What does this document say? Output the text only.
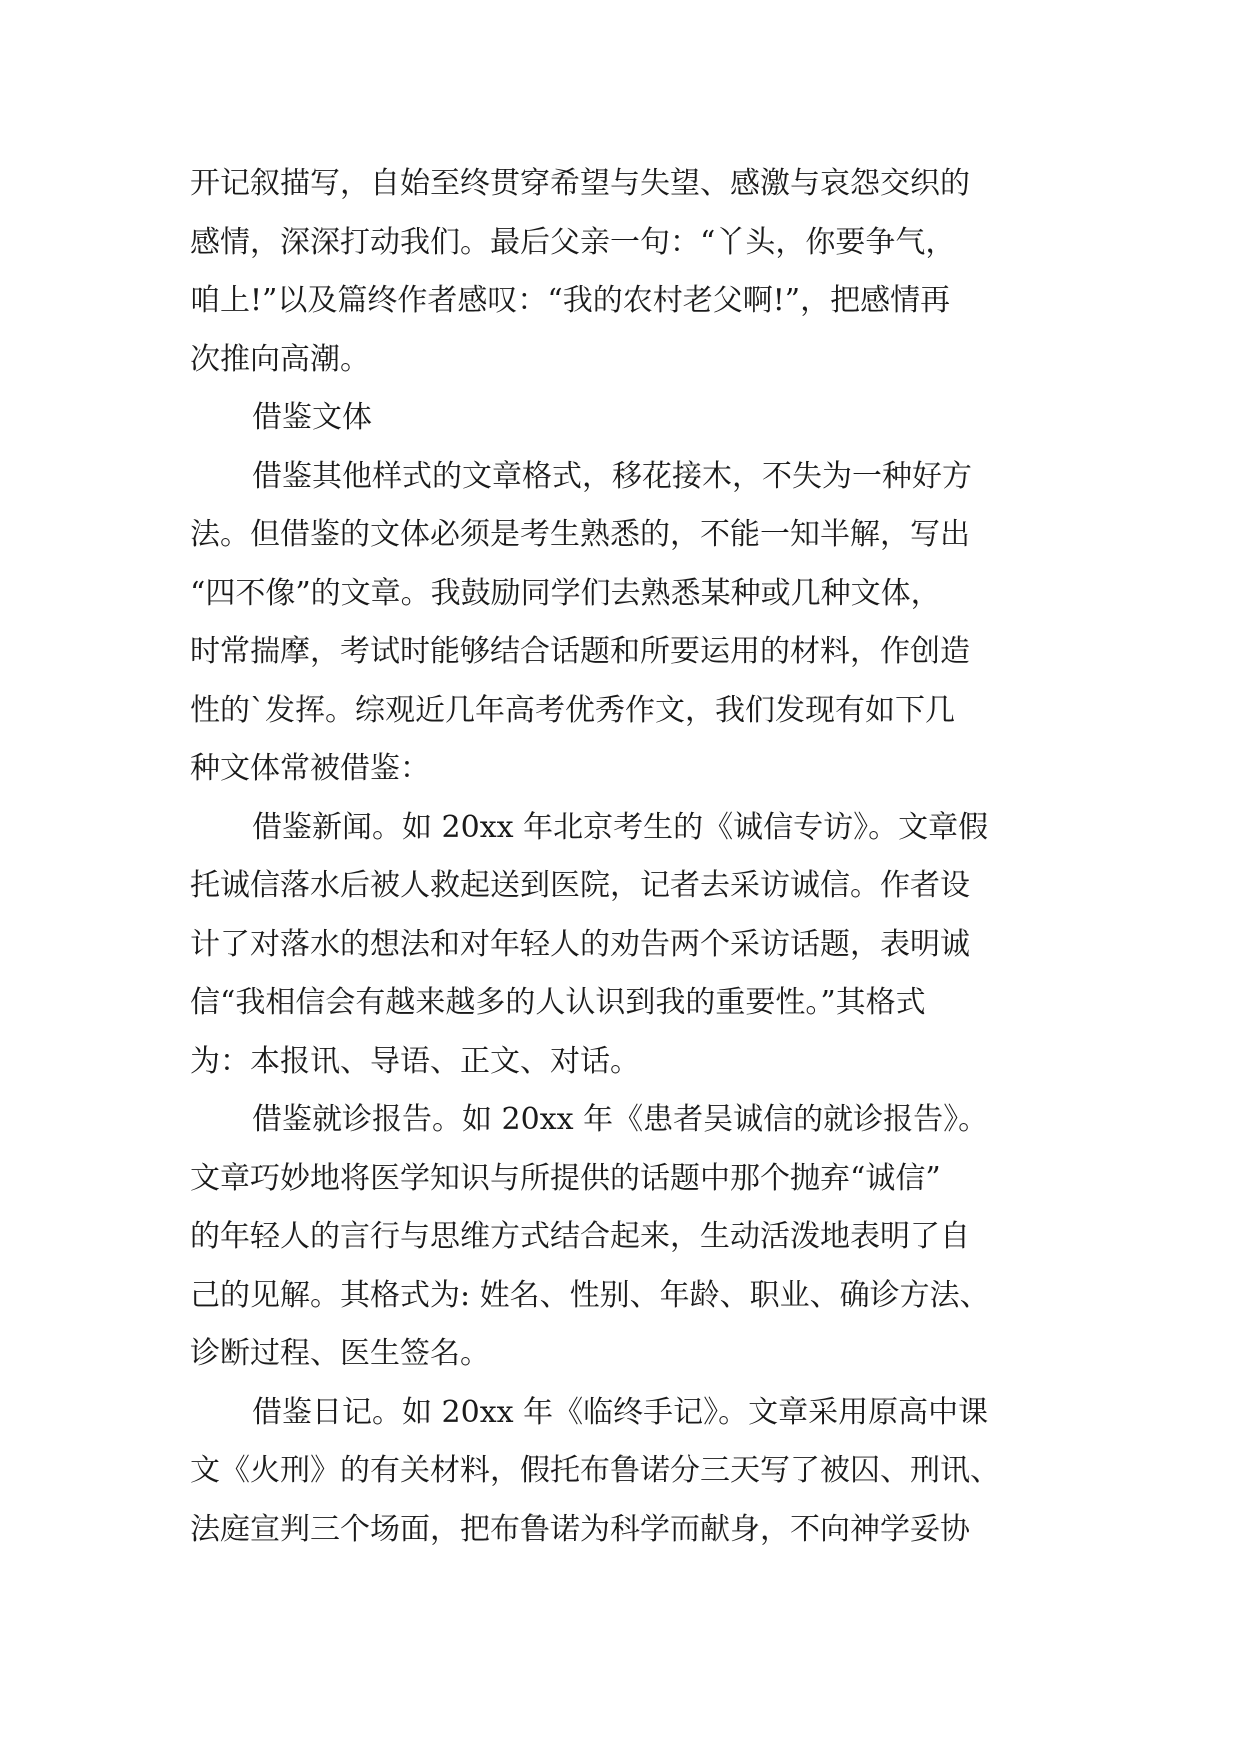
开记叙描写，自始至终贯穿希望与失望、感激与哀怨交织的
感情，深深打动我们。最后父亲一句：“丫头，你要争气，
咱上!”以及篇终作者感叹：“我的农村老父啊!”，把感情再
次推向高潮。
借鉴文体
借鉴其他样式的文章格式，移花接木，不失为一种好方
法。但借鉴的文体必须是考生熟悉的，不能一知半解，写出
“四不像”的文章。我鼓励同学们去熟悉某种或几种文体，
时常揣摩，考试时能够结合话题和所要运用的材料，作创造
性的`发挥。综观近几年高考优秀作文，我们发现有如下几
种文体常被借鉴：
借鉴新闻。如 20xx 年北京考生的《诚信专访》。文章假
托诚信落水后被人救起送到医院，记者去采访诚信。作者设
计了对落水的想法和对年轻人的劝告两个采访话题，表明诚
信“我相信会有越来越多的人认识到我的重要性。”其格式
为：本报讯、导语、正文、对话。
借鉴就诊报告。如 20xx 年《患者吴诚信的就诊报告》。
文章巧妙地将医学知识与所提供的话题中那个抛弃“诚信”
的年轻人的言行与思维方式结合起来，生动活泼地表明了自
己的见解。其格式为: 姓名、性别、年龄、职业、确诊方法、
诊断过程、医生签名。
借鉴日记。如 20xx 年《临终手记》。文章采用原高中课
文《火刑》的有关材料，假托布鲁诺分三天写了被囚、刑讯、
法庭宣判三个场面，把布鲁诺为科学而献身，不向神学妥协
